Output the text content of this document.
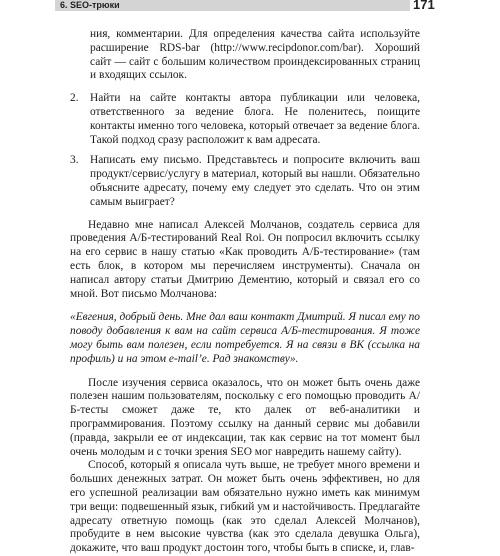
6. SEO-трюки	171

ния, комментарии. Для определения качества сайта используйте расширение RDS-bar (http://www.recipdonor.com/bar). Хороший сайт — сайт с большим количеством проиндексированных страниц и входящих ссылок.

2. Найти на сайте контакты автора публикации или человека, ответственного за ведение блога. Не поленитесь, поищите контакты именно того человека, который отвечает за ведение блога. Такой подход сразу расположит к вам адресата.
3. Написать ему письмо. Представьтесь и попросите включить ваш продукт/сервис/услугу в материал, который вы нашли. Обязательно объясните адресату, почему ему следует это сделать. Что он этим самым выиграет?

Недавно мне написал Алексей Молчанов, создатель сервиса для проведения А/Б-тестирований Real Roi. Он попросил включить ссылку на его сервис в нашу статью «Как проводить А/Б-тестирование» (там есть блок, в котором мы перечисляем инструменты). Сначала он написал автору статьи Дмитрию Дементию, который и связал его со мной. Вот письмо Молчанова:

«Евгения, добрый день. Мне дал ваш контакт Дмитрий. Я писал ему по поводу добавления к вам на сайт сервиса А/Б-тестирования. Я тоже могу быть вам полезен, если потребуется. Я на связи в ВК (ссылка на профиль) и на этом e-mail’е. Рад знакомству».

После изучения сервиса оказалось, что он может быть очень даже полезен нашим пользователям, поскольку с его помощью проводить А/Б-тесты сможет даже те, кто далек от веб-аналитики и программирования. Поэтому ссылку на данный сервис мы добавили (правда, закрыли ее от индексации, так как сервис на тот момент был очень молодым и с точки зрения SEO мог навредить нашему сайту).

Способ, который я описала чуть выше, не требует много времени и больших денежных затрат. Он может быть очень эффективен, но для его успешной реализации вам обязательно нужно иметь как минимум три вещи: подвешенный язык, гибкий ум и настойчивость. Предлагайте адресату ответную помощь (как это сделал Алексей Молчанов), пробудите в нем высокие чувства (как это сделала девушка Ольга), докажите, что ваш продукт достоин того, чтобы быть в списке, и, глав-
